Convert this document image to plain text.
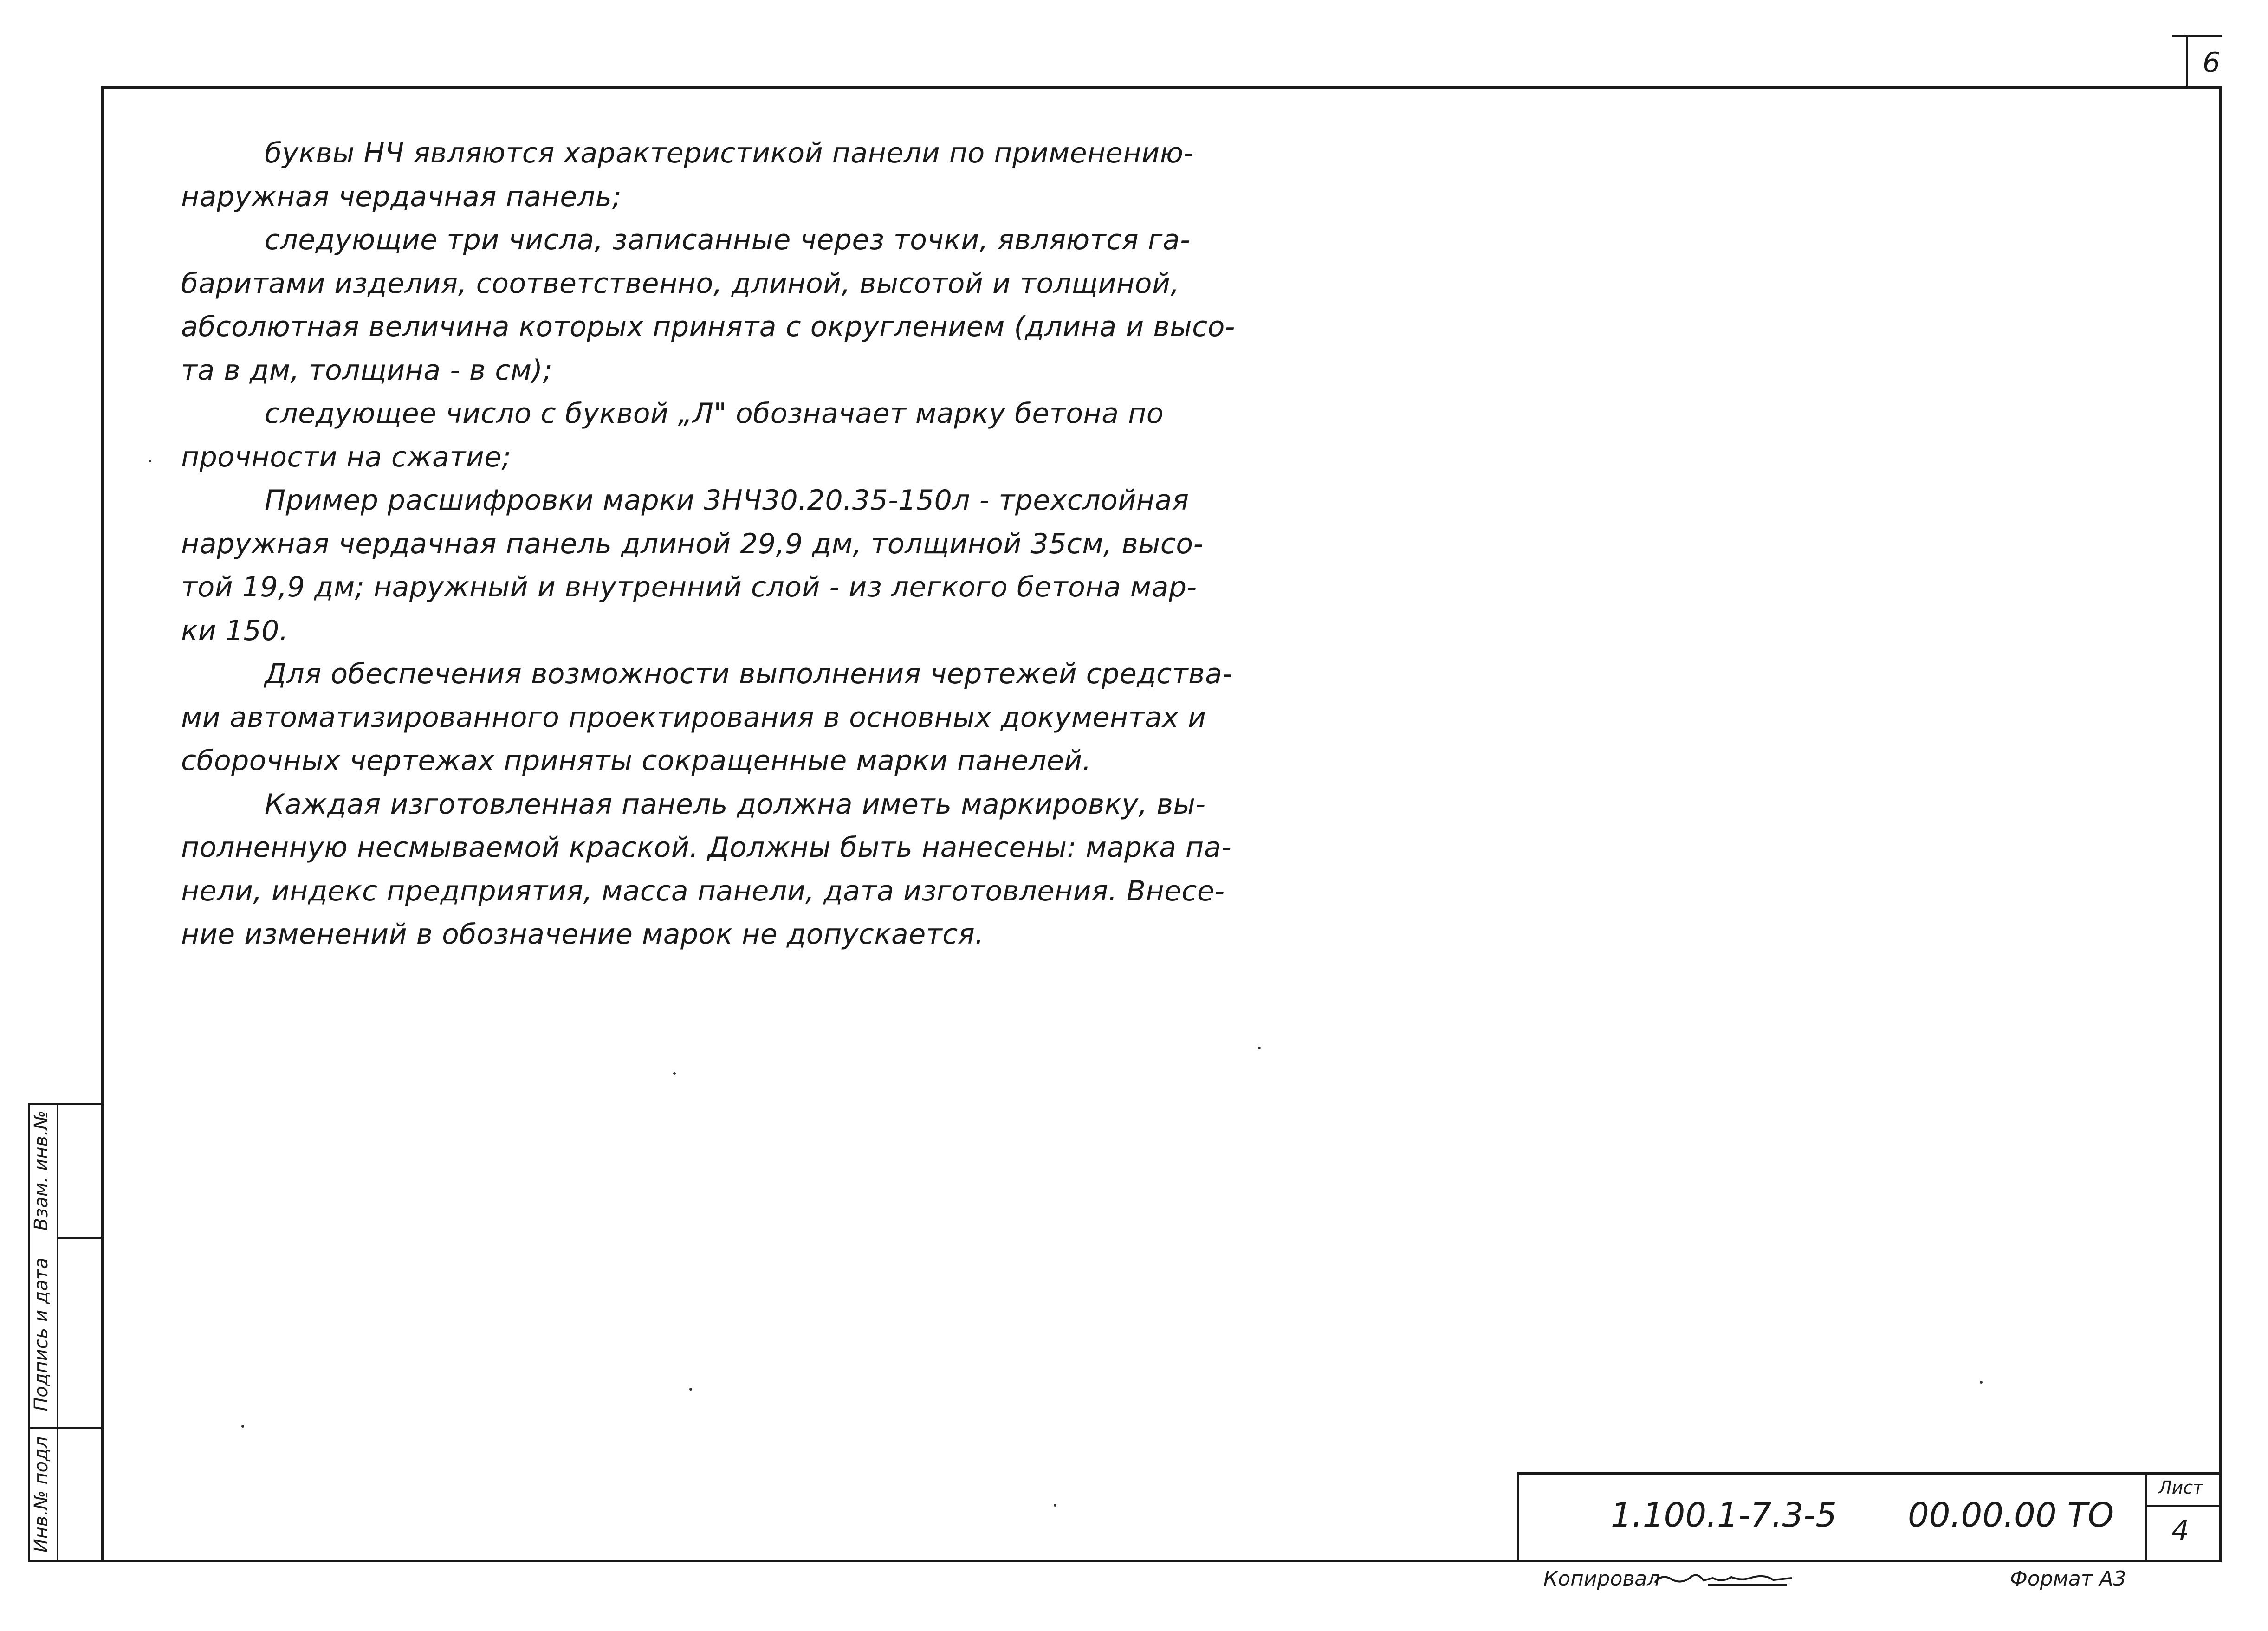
6
Взам. инв.№
Подпись и дата
Инв.№ подл
буквы НЧ являются характеристикой панели по применению-
наружная чердачная панель;
следующие три числа, записанные через точки, являются га-
баритами изделия, соответственно, длиной, высотой и толщиной,
абсолютная величина которых принята с округлением (длина и высо-
та в дм, толщина - в см);
следующее число с буквой „Л" обозначает марку бетона по
прочности на сжатие;
Пример расшифровки марки 3НЧ30.20.35-150л - трехслойная
наружная чердачная панель длиной 29,9 дм, толщиной 35см, высо-
той 19,9 дм; наружный и внутренний слой - из легкого бетона мар-
ки 150.
Для обеспечения возможности выполнения чертежей средства-
ми автоматизированного проектирования в основных документах и
сборочных чертежах приняты сокращенные марки панелей.
Каждая изготовленная панель должна иметь маркировку, вы-
полненную несмываемой краской. Должны быть нанесены: марка па-
нели, индекс предприятия, масса панели, дата изготовления. Внесе-
ние изменений в обозначение марок не допускается.
1.100.1-7.3-5 00.00.00 ТО
Лист
4
Копировал	Формат А3
